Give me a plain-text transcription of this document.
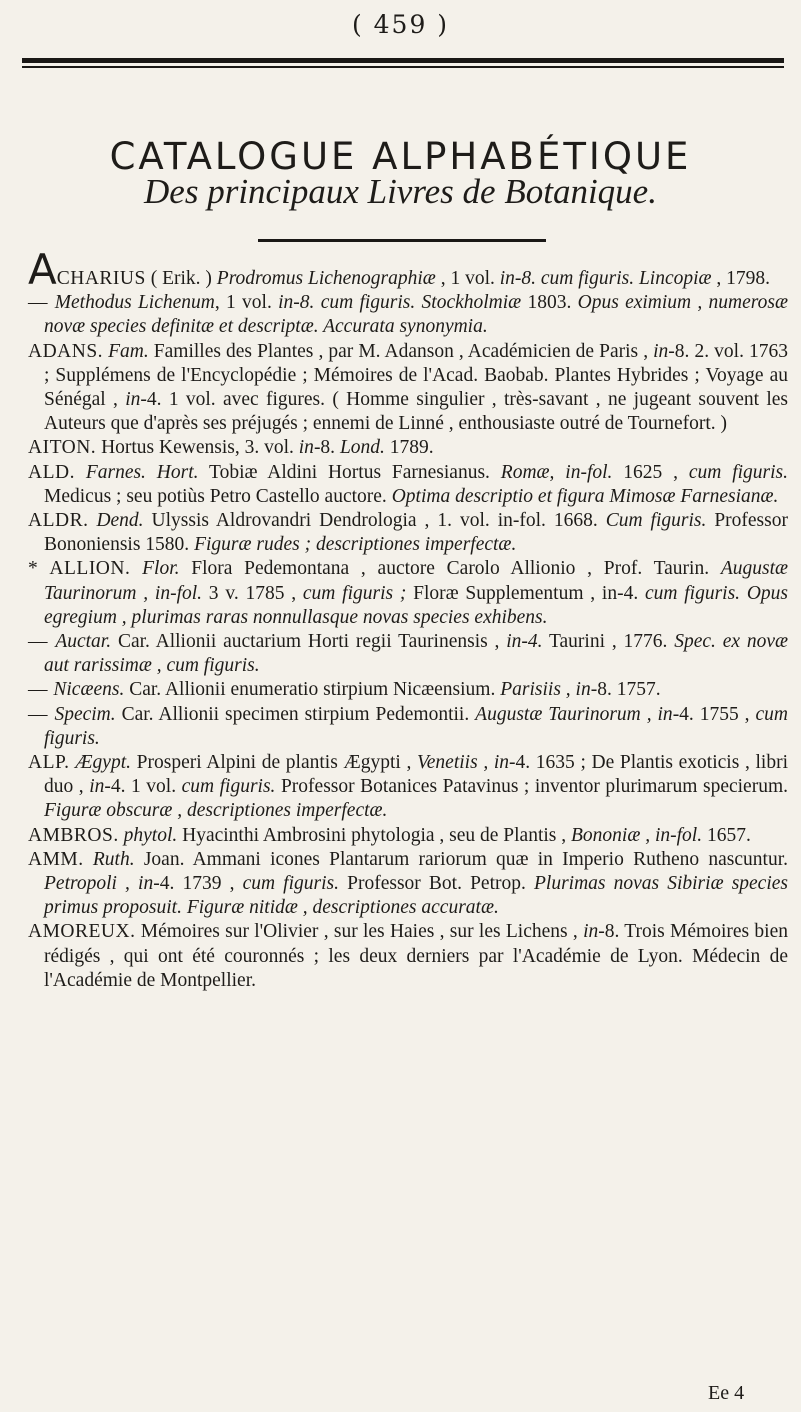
( 459 )
CATALOGUE ALPHABÉTIQUE
Des principaux Livres de Botanique.

ACHARIUS ( Erik. ) Prodromus Lichenographiæ , 1 vol. in-8. cum figuris. Lincopiæ , 1798.

— Methodus Lichenum, 1 vol. in-8. cum figuris. Stockholmiæ 1803. Opus eximium , numerosæ novæ species definitæ et descriptæ. Accurata synonymia.

ADANS. Fam. Familles des Plantes , par M. Adanson , Académicien de Paris , in-8. 2. vol. 1763 ; Supplémens de l'Encyclopédie ; Mémoires de l'Acad. Baobab. Plantes Hybrides ; Voyage au Sénégal , in-4. 1 vol. avec figures. ( Homme singulier , très-savant , ne jugeant souvent les Auteurs que d'après ses préjugés ; ennemi de Linné , enthousiaste outré de Tournefort. )

AITON. Hortus Kewensis, 3. vol. in-8. Lond. 1789.

ALD. Farnes. Hort. Tobiæ Aldini Hortus Farnesianus. Romæ, in-fol. 1625 , cum figuris. Medicus ; seu potiùs Petro Castello auctore. Optima descriptio et figura Mimosæ Farnesianæ.

ALDR. Dend. Ulyssis Aldrovandri Dendrologia , 1. vol. in-fol. 1668. Cum figuris. Professor Bononiensis 1580. Figuræ rudes ; descriptiones imperfectæ.

* ALLION. Flor. Flora Pedemontana , auctore Carolo Allionio , Prof. Taurin. Augustæ Taurinorum , in-fol. 3 v. 1785 , cum figuris ; Floræ Supplementum , in-4. cum figuris. Opus egregium , plurimas raras nonnullasque novas species exhibens.

— Auctar. Car. Allionii auctarium Horti regii Taurinensis , in-4. Taurini , 1776. Spec. ex novæ aut rarissimæ , cum figuris.

— Nicæens. Car. Allionii enumeratio stirpium Nicæensium. Parisiis , in-8. 1757.

— Specim. Car. Allionii specimen stirpium Pedemontii. Augustæ Taurinorum , in-4. 1755 , cum figuris.

ALP. Ægypt. Prosperi Alpini de plantis Ægypti , Venetiis , in-4. 1635 ; De Plantis exoticis , libri duo , in-4. 1 vol. cum figuris. Professor Botanices Patavinus ; inventor plurimarum specierum. Figuræ obscuræ , descriptiones imperfectæ.

AMBROS. phytol. Hyacinthi Ambrosini phytologia , seu de Plantis , Bononiæ , in-fol. 1657.

AMM. Ruth. Joan. Ammani icones Plantarum rariorum quæ in Imperio Rutheno nascuntur. Petropoli , in-4. 1739 , cum figuris. Professor Bot. Petrop. Plurimas novas Sibiriæ species primus proposuit. Figuræ nitidæ , descriptiones accuratæ.

AMOREUX. Mémoires sur l'Olivier , sur les Haies , sur les Lichens , in-8. Trois Mémoires bien rédigés , qui ont été couronnés ; les deux derniers par l'Académie de Lyon. Médecin de l'Académie de Montpellier.

Ee 4
